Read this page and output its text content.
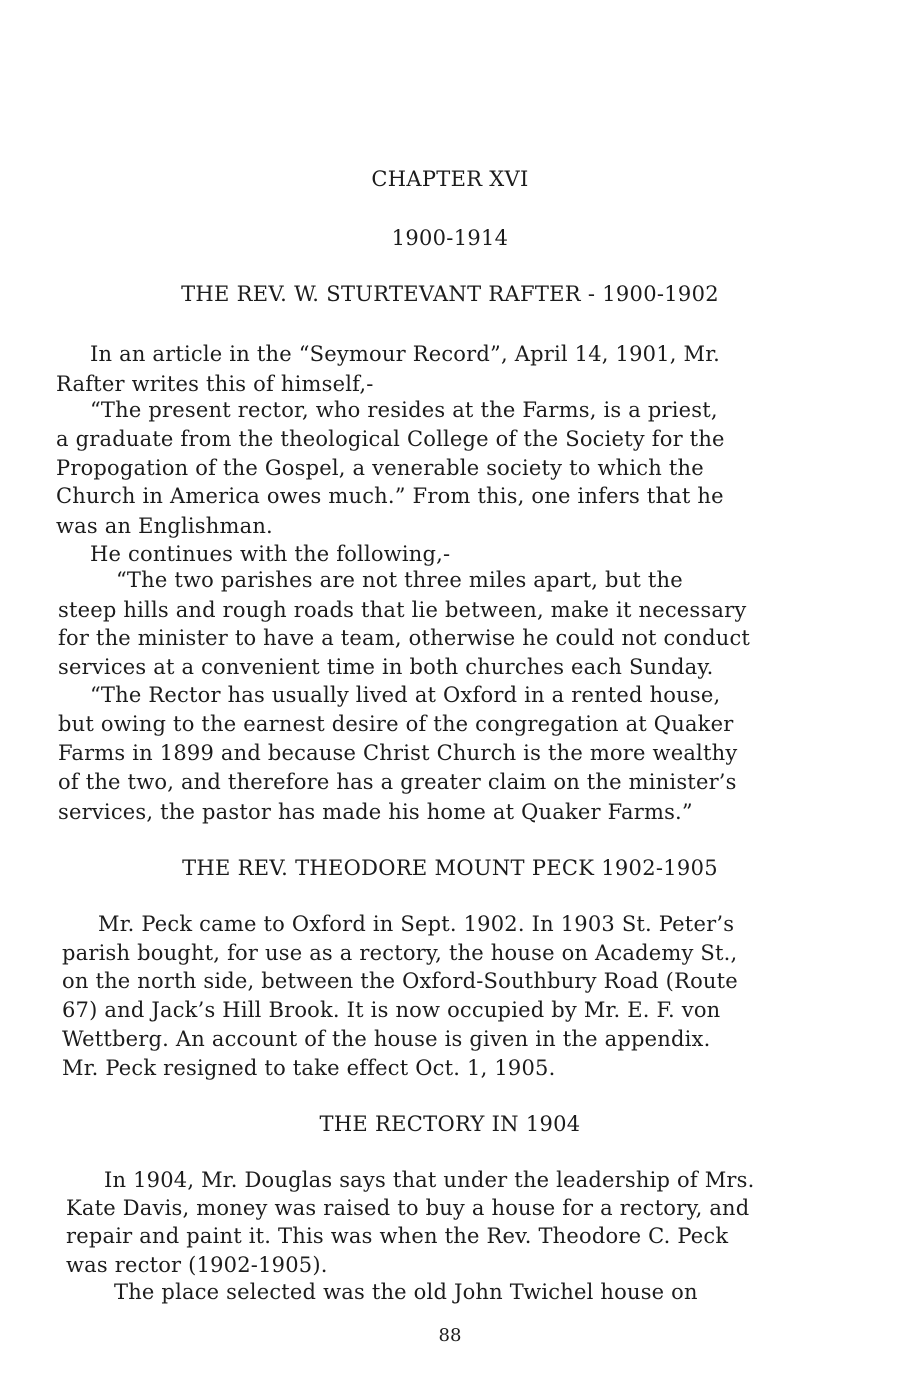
CHAPTER XVI
1900-1914
THE REV. W. STURTEVANT RAFTER - 1900-1902
In an article in the “Seymour Record”, April 14, 1901, Mr.
Rafter writes this of himself,-
“The present rector, who resides at the Farms, is a priest,
a graduate from the theological College of the Society for the
Propogation of the Gospel, a venerable society to which the
Church in America owes much.” From this, one infers that he
was an Englishman.
He continues with the following,-
“The two parishes are not three miles apart, but the
steep hills and rough roads that lie between, make it necessary
for the minister to have a team, otherwise he could not conduct
services at a convenient time in both churches each Sunday.
“The Rector has usually lived at Oxford in a rented house,
but owing to the earnest desire of the congregation at Quaker
Farms in 1899 and because Christ Church is the more wealthy
of the two, and therefore has a greater claim on the minister’s
services, the pastor has made his home at Quaker Farms.”
THE REV. THEODORE MOUNT PECK 1902-1905
Mr. Peck came to Oxford in Sept. 1902. In 1903 St. Peter’s
parish bought, for use as a rectory, the house on Academy St.,
on the north side, between the Oxford-Southbury Road (Route
67) and Jack’s Hill Brook. It is now occupied by Mr. E. F. von
Wettberg. An account of the house is given in the appendix.
Mr. Peck resigned to take effect Oct. 1, 1905.
THE RECTORY IN 1904
In 1904, Mr. Douglas says that under the leadership of Mrs.
Kate Davis, money was raised to buy a house for a rectory, and
repair and paint it. This was when the Rev. Theodore C. Peck
was rector (1902-1905).
The place selected was the old John Twichel house on
88
